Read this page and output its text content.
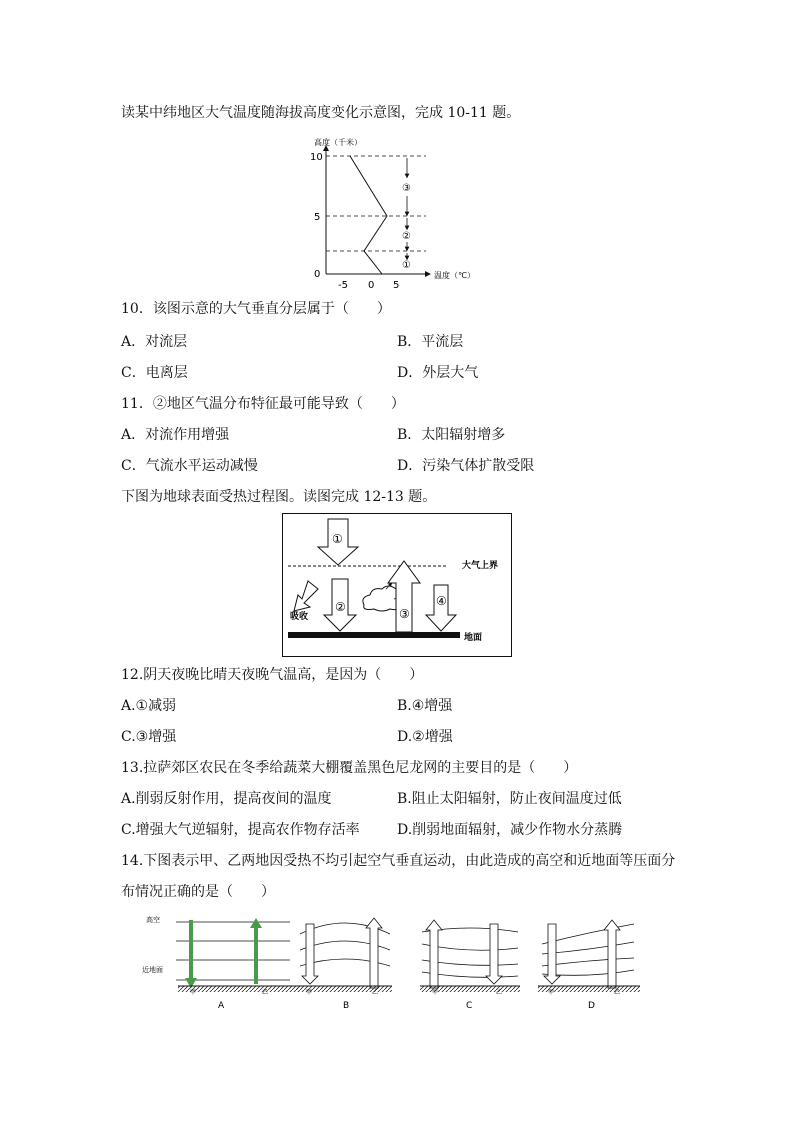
读某中纬地区大气温度随海拔高度变化示意图，完成 10-11 题。
高度（千米）
温度（℃）
10
5
0
-5 0 5
③
②
①
10．该图示意的大气垂直分层属于（　　）
A．对流层	B．平流层
C．电离层	D．外层大气
11．②地区气温分布特征最可能导致（　　）
A．对流作用增强	B．太阳辐射增多
C．气流水平运动减慢	D．污染气体扩散受限
下图为地球表面受热过程图。读图完成 12-13 题。
大气上界
地面
①
吸收
②	③
④
12.阴天夜晚比晴天夜晚气温高，是因为（　　）
A.①减弱	B.④增强
C.③增强	D.②增强
13.拉萨郊区农民在冬季给蔬菜大棚覆盖黑色尼龙网的主要目的是（　　）
A.削弱反射作用，提高夜间的温度	B.阻止太阳辐射，防止夜间温度过低
C.增强大气逆辐射，提高农作物存活率	D.削弱地面辐射，减少作物水分蒸腾
14.下图表示甲、乙两地因受热不均引起空气垂直运动，由此造成的高空和近地面等压面分
布情况正确的是（　　）
高空
近地面
甲	乙
A
甲	乙
B
甲	乙
C
甲	乙
D
